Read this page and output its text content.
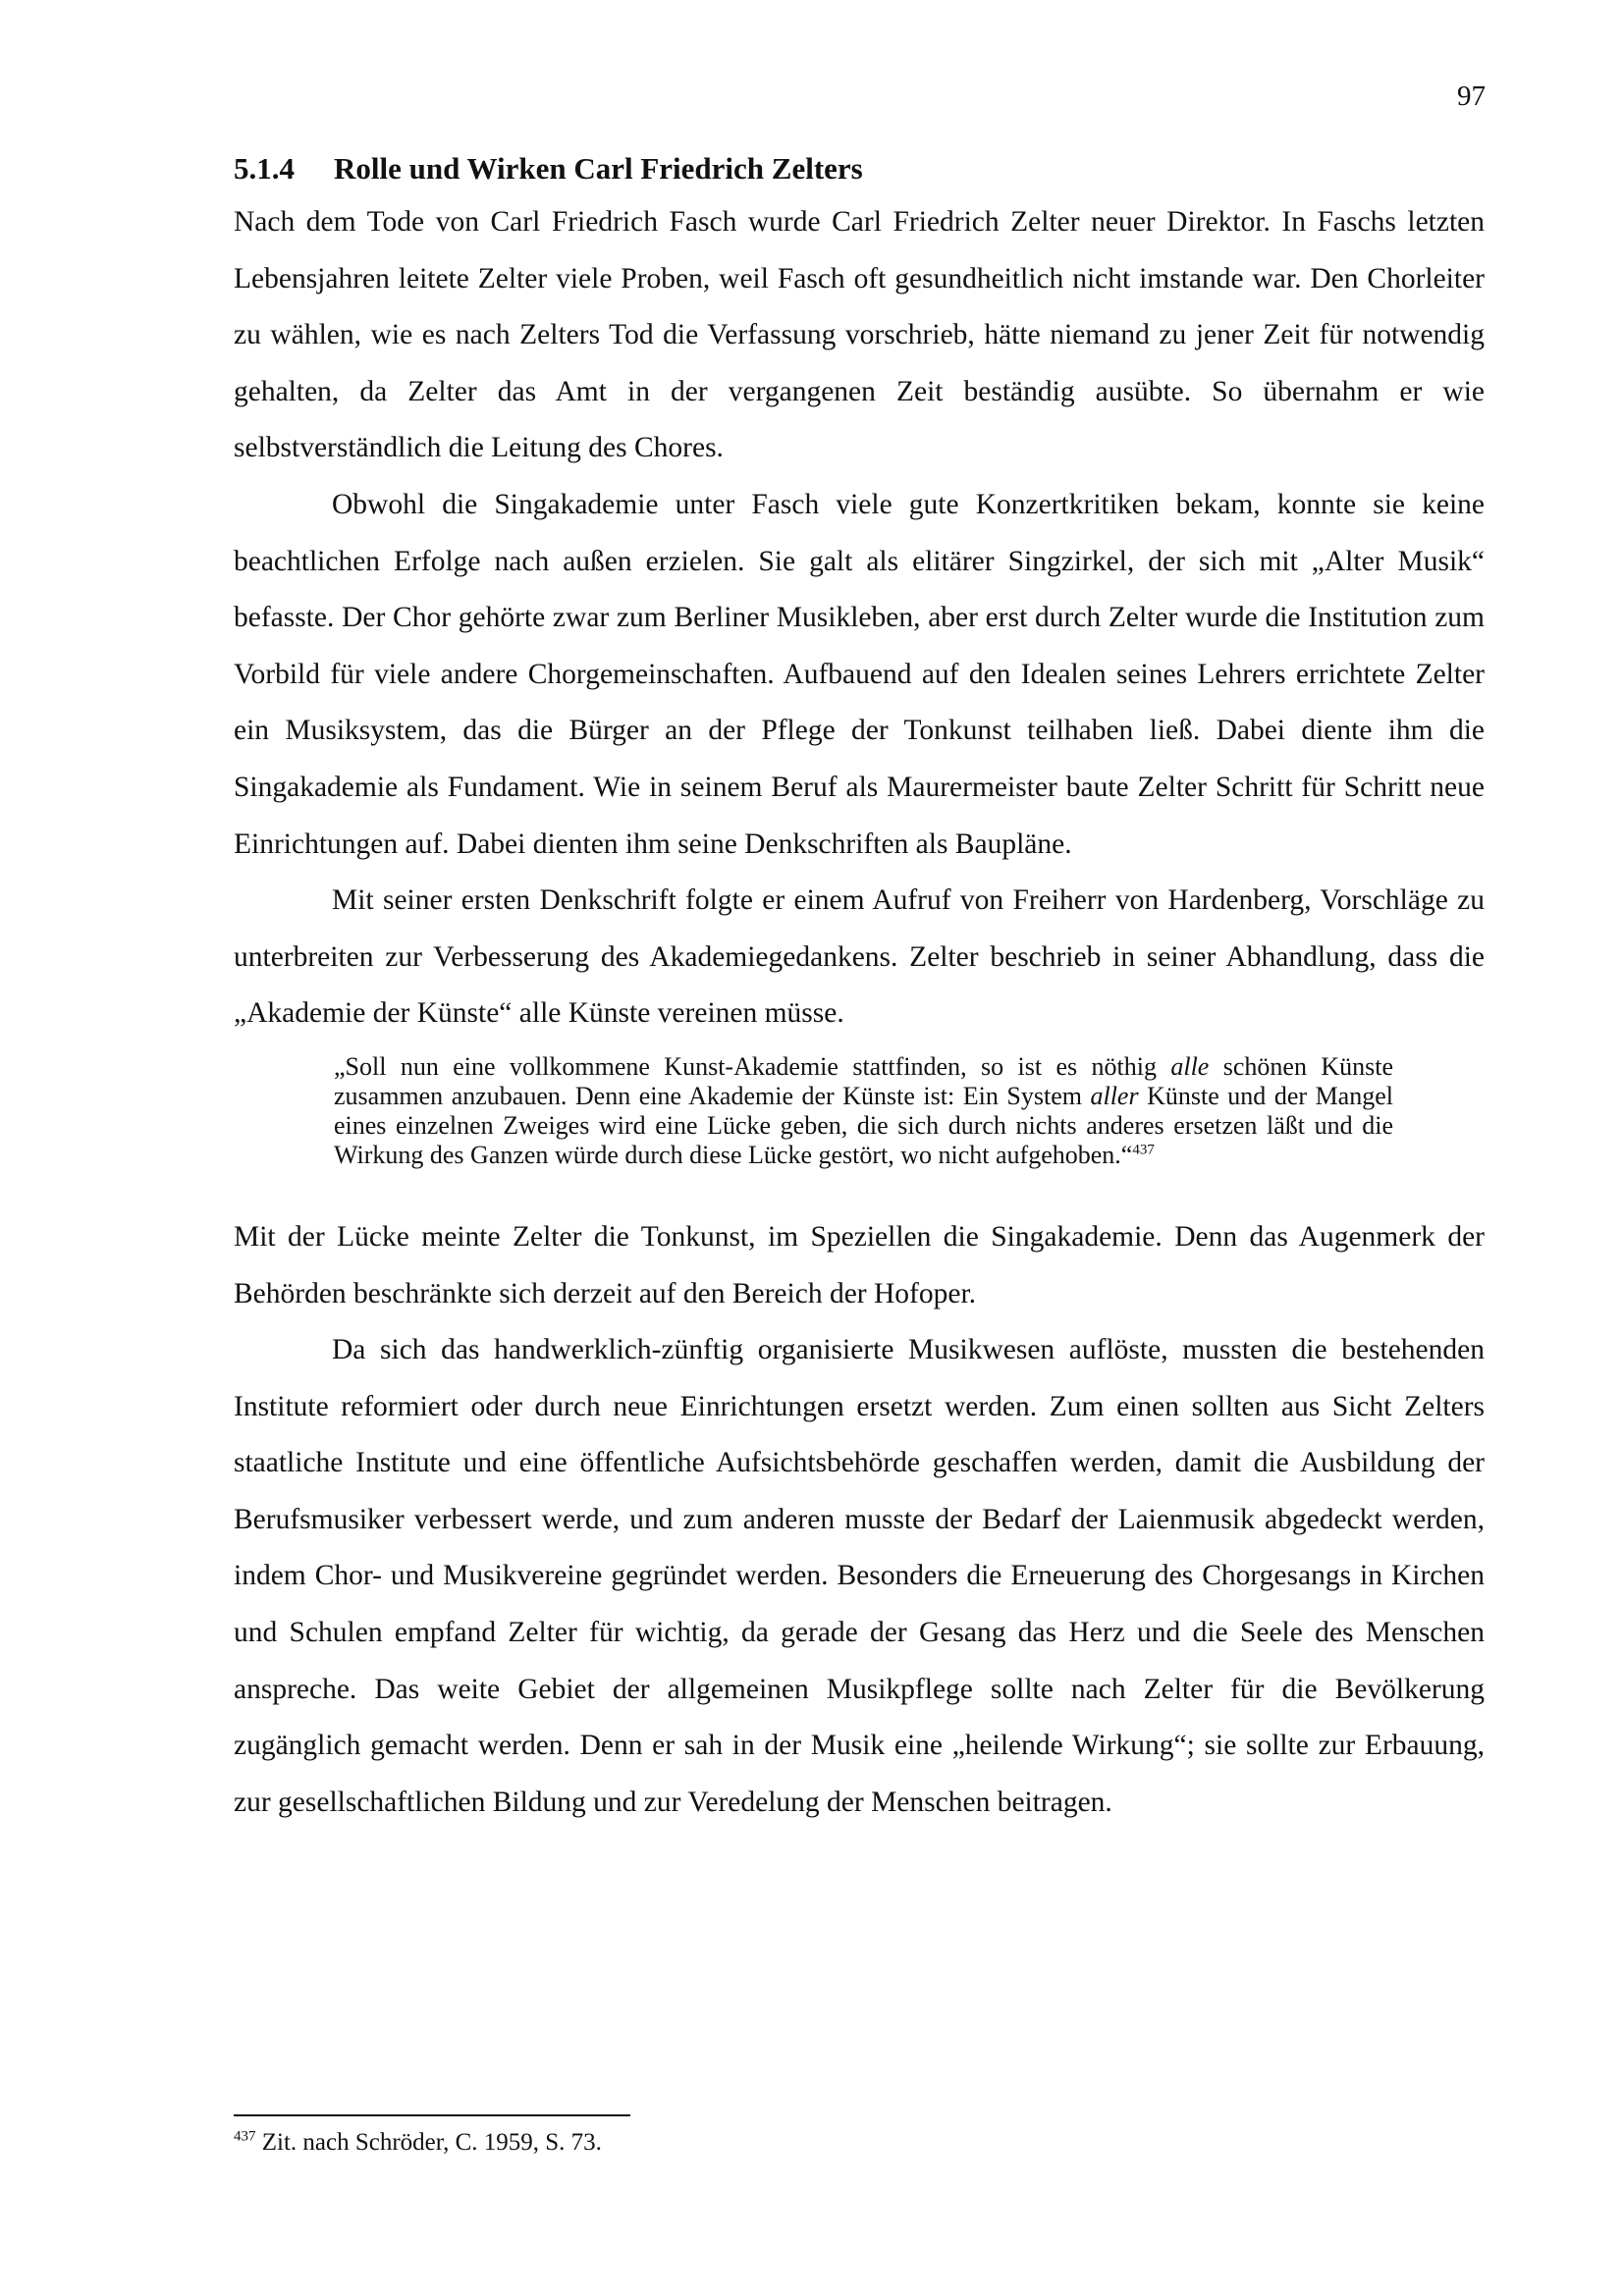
97
5.1.4	Rolle und Wirken Carl Friedrich Zelters

Nach dem Tode von Carl Friedrich Fasch wurde Carl Friedrich Zelter neuer Direktor. In Faschs letzten Lebensjahren leitete Zelter viele Proben, weil Fasch oft gesundheitlich nicht imstande war. Den Chorleiter zu wählen, wie es nach Zelters Tod die Verfassung vorschrieb, hätte niemand zu jener Zeit für notwendig gehalten, da Zelter das Amt in der vergangenen Zeit beständig ausübte. So übernahm er wie selbstverständlich die Leitung des Chores.

Obwohl die Singakademie unter Fasch viele gute Konzertkritiken bekam, konnte sie keine beachtlichen Erfolge nach außen erzielen. Sie galt als elitärer Singzirkel, der sich mit „Alter Musik“ befasste. Der Chor gehörte zwar zum Berliner Musikleben, aber erst durch Zelter wurde die Institution zum Vorbild für viele andere Chorgemeinschaften. Aufbauend auf den Idealen seines Lehrers errichtete Zelter ein Musiksystem, das die Bürger an der Pflege der Tonkunst teilhaben ließ. Dabei diente ihm die Singakademie als Fundament. Wie in seinem Beruf als Maurermeister baute Zelter Schritt für Schritt neue Einrichtungen auf. Dabei dienten ihm seine Denkschriften als Baupläne.

Mit seiner ersten Denkschrift folgte er einem Aufruf von Freiherr von Hardenberg, Vorschläge zu unterbreiten zur Verbesserung des Akademiegedankens. Zelter beschrieb in seiner Abhandlung, dass die „Akademie der Künste“ alle Künste vereinen müsse.

„Soll nun eine vollkommene Kunst-Akademie stattfinden, so ist es nöthig alle schönen Künste zusammen anzubauen. Denn eine Akademie der Künste ist: Ein System aller Künste und der Mangel eines einzelnen Zweiges wird eine Lücke geben, die sich durch nichts anderes ersetzen läßt und die Wirkung des Ganzen würde durch diese Lücke gestört, wo nicht aufgehoben.“$^{437}$

Mit der Lücke meinte Zelter die Tonkunst, im Speziellen die Singakademie. Denn das Augenmerk der Behörden beschränkte sich derzeit auf den Bereich der Hofoper.

Da sich das handwerklich-zünftig organisierte Musikwesen auflöste, mussten die bestehenden Institute reformiert oder durch neue Einrichtungen ersetzt werden. Zum einen sollten aus Sicht Zelters staatliche Institute und eine öffentliche Aufsichtsbehörde geschaffen werden, damit die Ausbildung der Berufsmusiker verbessert werde, und zum anderen musste der Bedarf der Laienmusik abgedeckt werden, indem Chor- und Musikvereine gegründet werden. Besonders die Erneuerung des Chorgesangs in Kirchen und Schulen empfand Zelter für wichtig, da gerade der Gesang das Herz und die Seele des Menschen anspreche. Das weite Gebiet der allgemeinen Musikpflege sollte nach Zelter für die Bevölkerung zugänglich gemacht werden. Denn er sah in der Musik eine „heilende Wirkung“; sie sollte zur Erbauung, zur gesellschaftlichen Bildung und zur Veredelung der Menschen beitragen.

$^{437}$ Zit. nach Schröder, C. 1959, S. 73.
